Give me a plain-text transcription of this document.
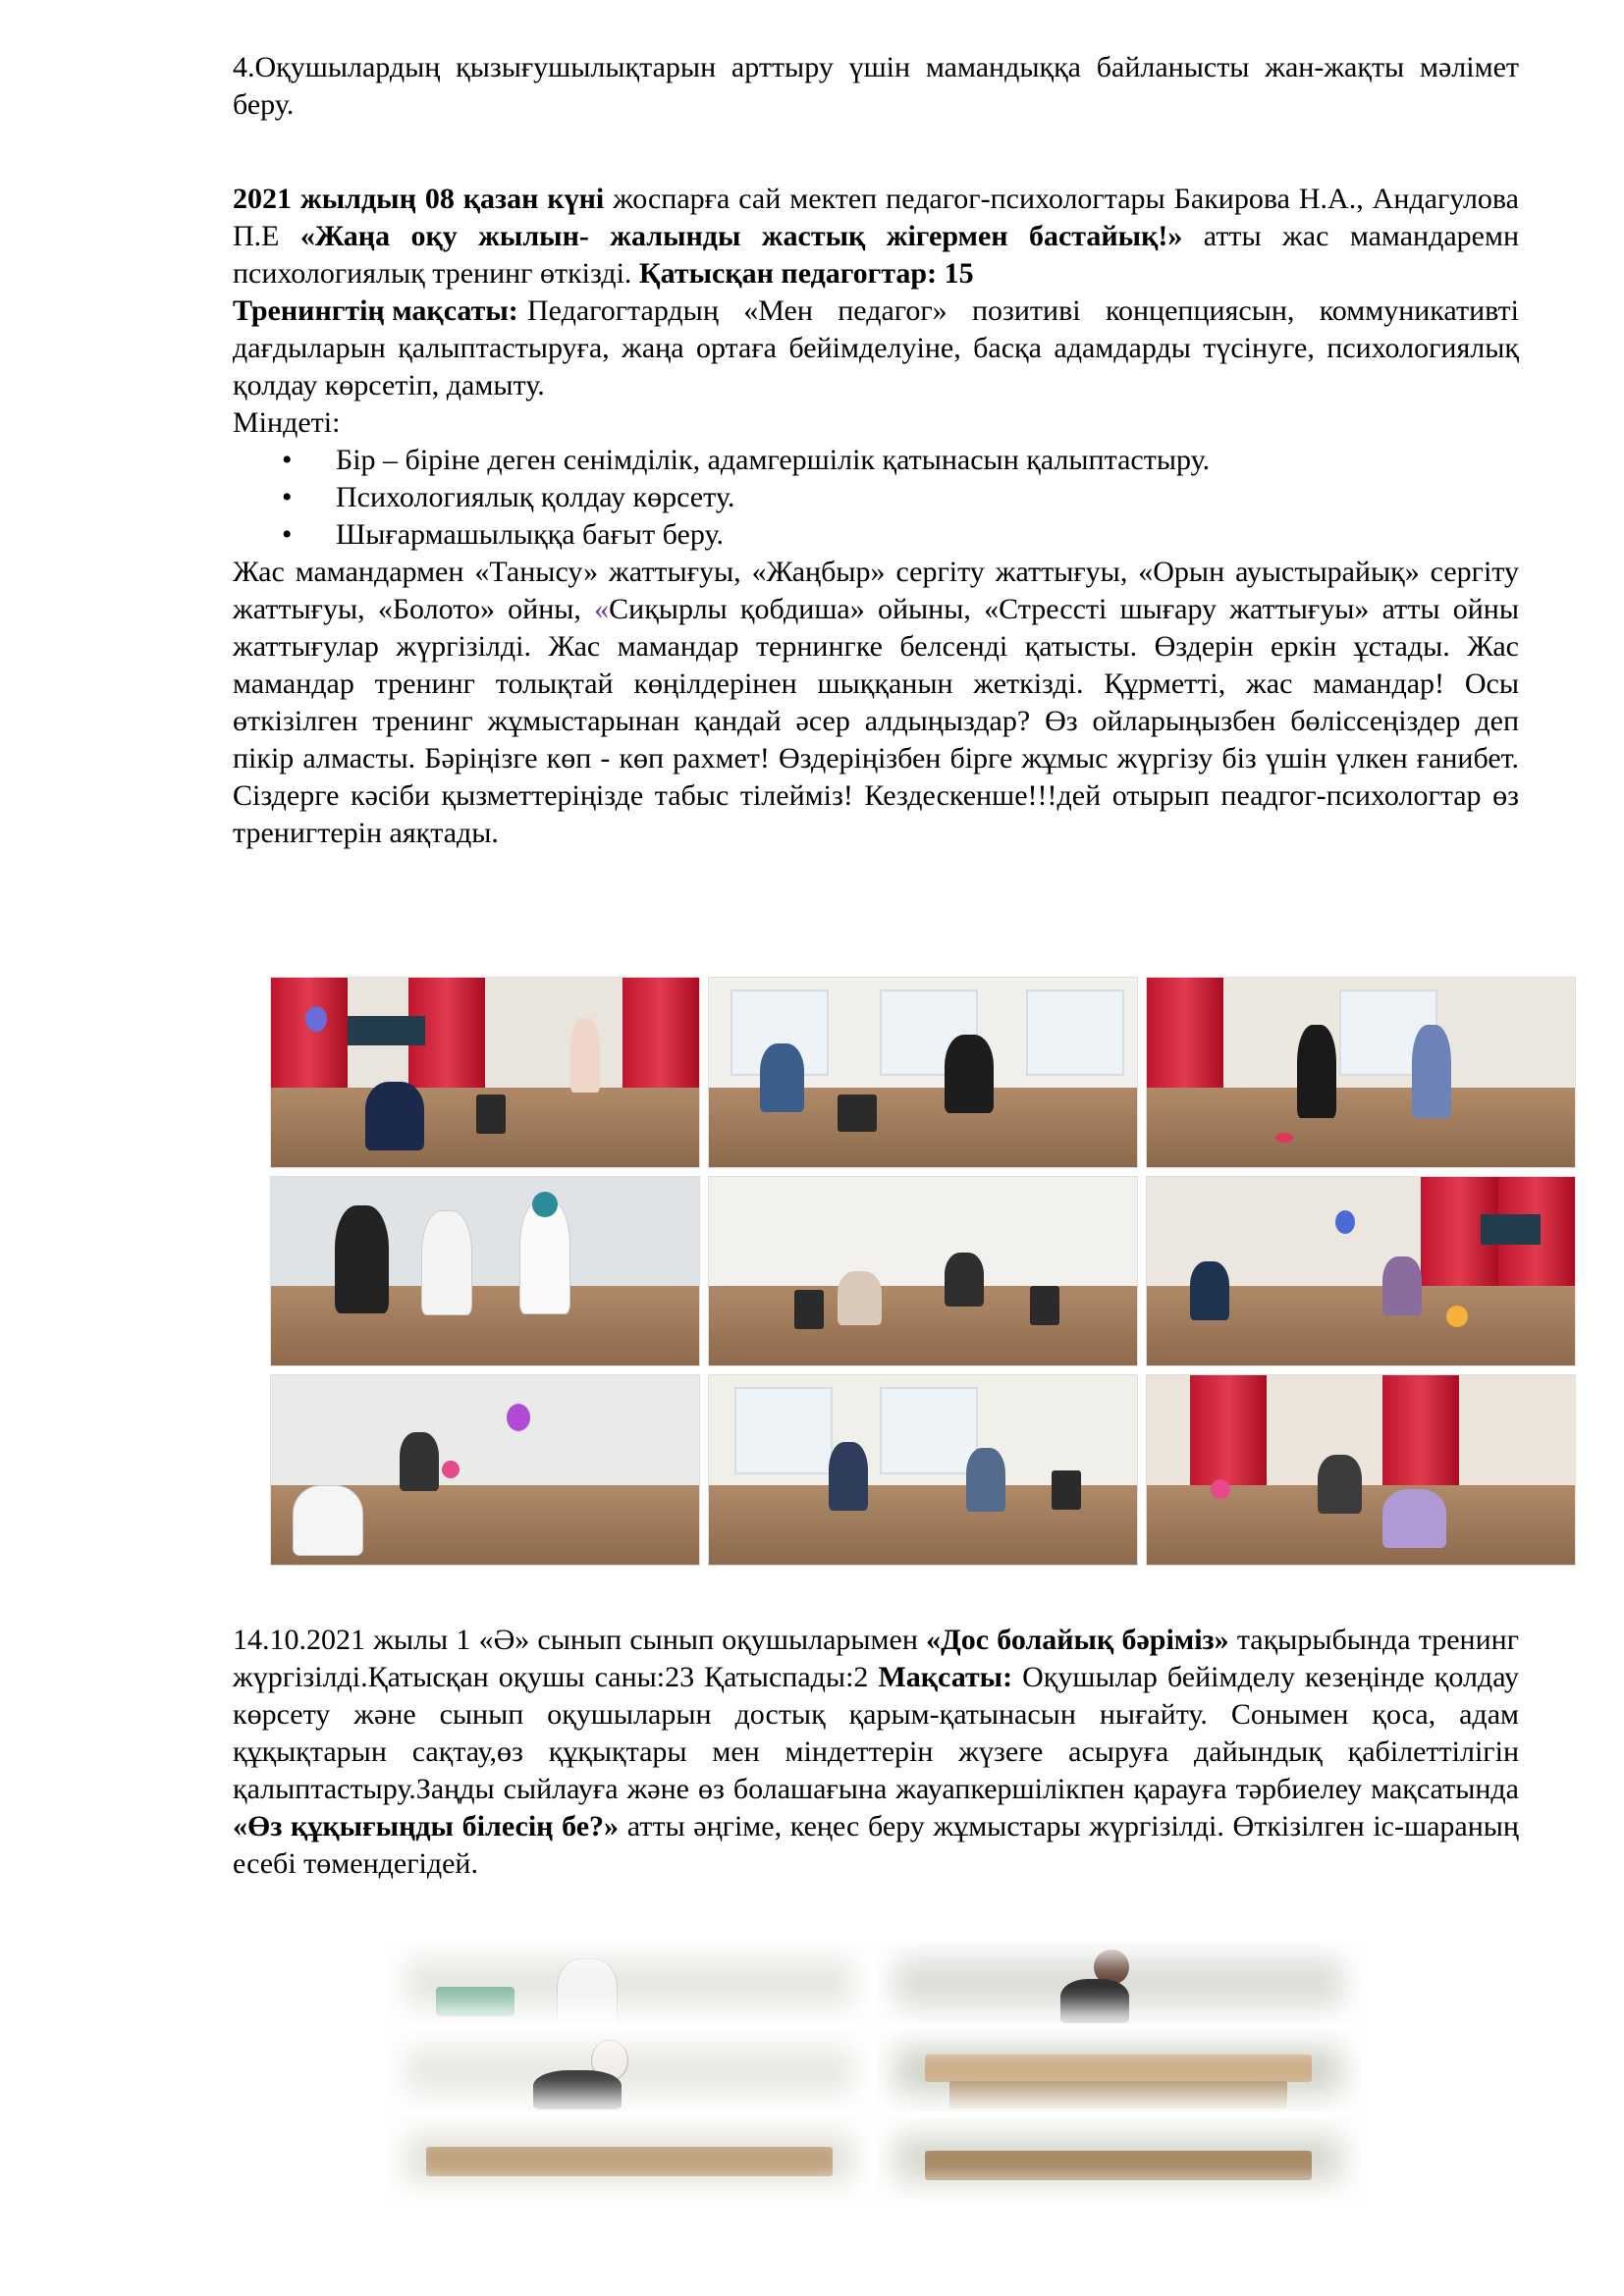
4.Оқушылардың қызығушылықтарын арттыру үшін мамандыққа байланысты жан-жақты мәлімет беру.

2021 жылдың 08 қазан күні жоспарға сай мектеп педагог-психологтары Бакирова Н.А., Андагулова П.Е «Жаңа оқу жылын- жалынды жастық жігермен бастайық!» атты жас мамандаремн психологиялық тренинг өткізді. Қатысқан педагогтар: 15

Тренингтің мақсаты: Педагогтардың «Мен педагог» позитиві концепциясын, коммуникативті дағдыларын қалыптастыруға, жаңа ортаға бейімделуіне, басқа адамдарды түсінуге, психологиялық қолдау көрсетіп, дамыту.

Міндеті:

• Бір – біріне деген сенімділік, адамгершілік қатынасын қалыптастыру.
• Психологиялық қолдау көрсету.
• Шығармашылыққа бағыт беру.

Жас мамандармен «Танысу» жаттығуы, «Жаңбыр» сергіту жаттығуы, «Орын ауыстырайық» сергіту жаттығуы, «Болото» ойны, «Сиқырлы қобдиша» ойыны, «Стрессті шығару жаттығуы» атты ойны жаттығулар жүргізілді. Жас мамандар тернингке белсенді қатысты. Өздерін еркін ұстады. Жас мамандар тренинг толықтай көңілдерінен шыққанын жеткізді. Құрметті, жас мамандар! Осы өткізілген тренинг жұмыстарынан қандай әсер алдыңыздар? Өз ойларыңызбен бөліссеңіздер деп пікір алмасты. Бәріңізге көп - көп рахмет! Өздеріңізбен бірге жұмыс жүргізу біз үшін үлкен ғанибет. Сіздерге кәсіби қызметтеріңізде табыс тілейміз! Кездескенше!!!дей отырып пеадгог-психологтар өз тренигтерін аяқтады.

14.10.2021 жылы 1 «Ә» сынып сынып оқушыларымен «Дос болайық бәріміз» тақырыбында тренинг жүргізілді.Қатысқан оқушы саны:23 Қатыспады:2 Мақсаты: Оқушылар бейімделу кезеңінде қолдау көрсету және сынып оқушыларын достық қарым-қатынасын нығайту. Сонымен қоса, адам құқықтарын сақтау,өз құқықтары мен міндеттерін жүзеге асыруға дайындық қабілеттілігін қалыптастыру.Заңды сыйлауға және өз болашағына жауапкершілікпен қарауға тәрбиелеу мақсатында «Өз құқығыңды білесің бе?» атты әңгіме, кеңес беру жұмыстары жүргізілді. Өткізілген іс-шараның есебі төмендегідей.
